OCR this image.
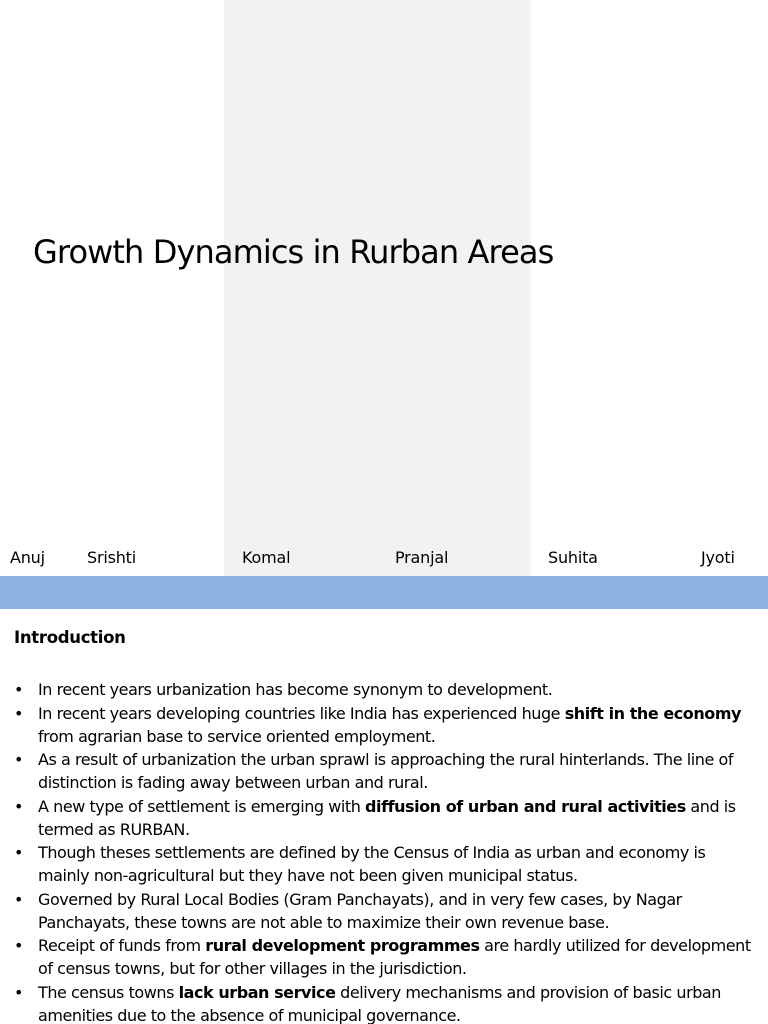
Growth Dynamics in Rurban Areas
Anuj	Srishti	Komal	Pranjal	Suhita	Jyoti
Introduction
• In recent years urbanization has become synonym to development.
• In recent years developing countries like India has experienced huge shift in the economy from agrarian base to service oriented employment.
• As a result of urbanization the urban sprawl is approaching the rural hinterlands. The line of distinction is fading away between urban and rural.
• A new type of settlement is emerging with diffusion of urban and rural activities and is termed as RURBAN.
• Though theses settlements are defined by the Census of India as urban and economy is mainly non-agricultural but they have not been given municipal status.
• Governed by Rural Local Bodies (Gram Panchayats), and in very few cases, by Nagar Panchayats, these towns are not able to maximize their own revenue base.
• Receipt of funds from rural development programmes are hardly utilized for development of census towns, but for other villages in the jurisdiction.
• The census towns lack urban service delivery mechanisms and provision of basic urban amenities due to the absence of municipal governance.
